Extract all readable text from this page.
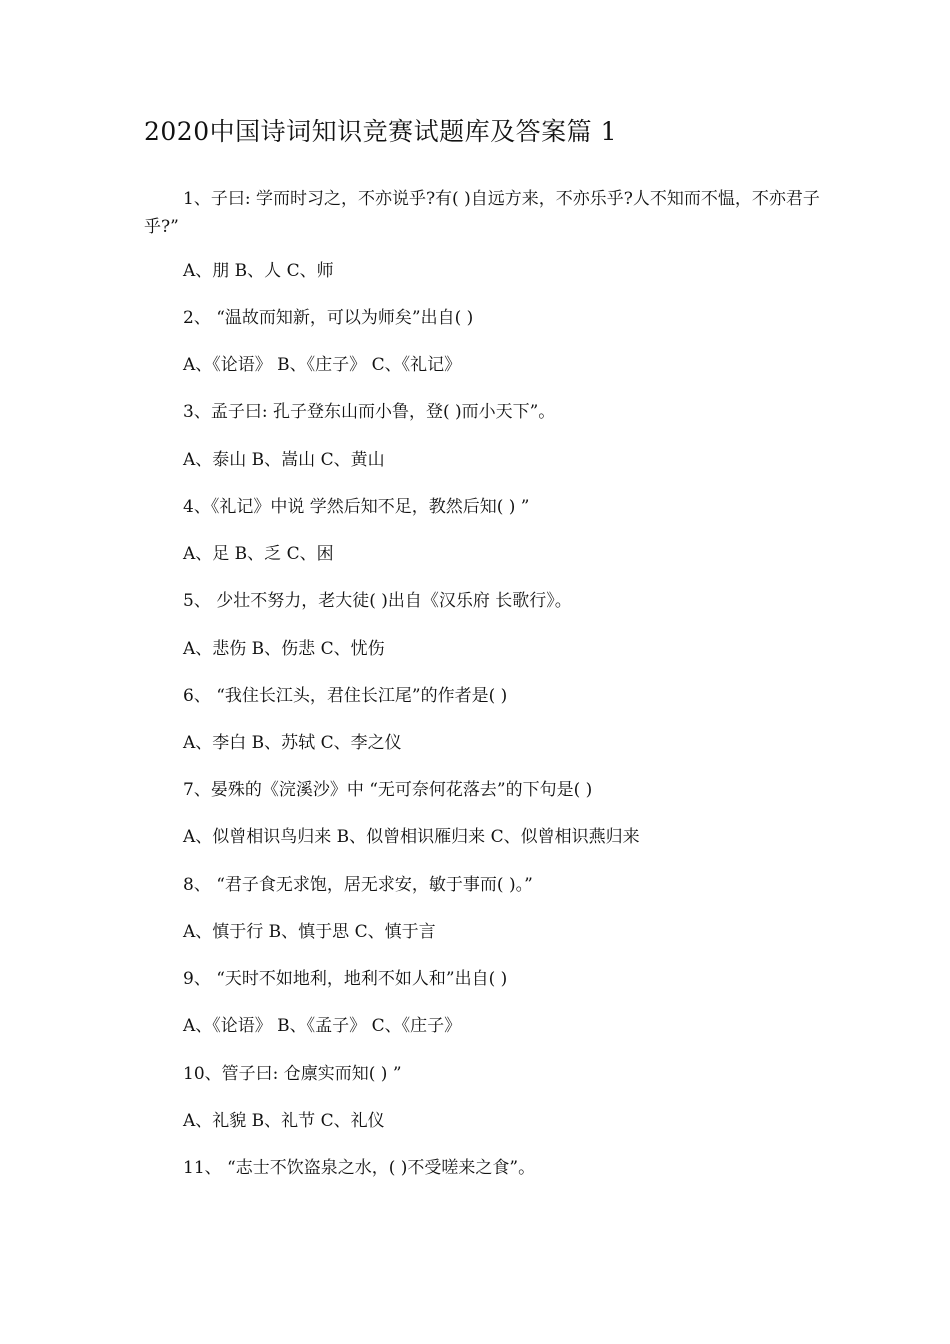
2020中国诗词知识竞赛试题库及答案篇 1
1、子曰: 学而时习之，不亦说乎?有( )自远方来，不亦乐乎?人不知而不愠，不亦君子乎?”
A、朋 B、人 C、师
2、 “温故而知新，可以为师矣”出自( )
A、《论语》 B、《庄子》 C、《礼记》
3、孟子曰: 孔子登东山而小鲁，登( )而小天下”。
A、泰山 B、嵩山 C、黄山
4、《礼记》中说 学然后知不足，教然后知( ) ”
A、足 B、乏 C、困
5、 少壮不努力，老大徒( )出自《汉乐府 长歌行》。
A、悲伤 B、伤悲 C、忧伤
6、 “我住长江头，君住长江尾”的作者是( )
A、李白 B、苏轼 C、李之仪
7、晏殊的《浣溪沙》中 “无可奈何花落去”的下句是( )
A、似曾相识鸟归来 B、似曾相识雁归来 C、似曾相识燕归来
8、 “君子食无求饱，居无求安，敏于事而( )。”
A、慎于行 B、慎于思 C、慎于言
9、 “天时不如地利，地利不如人和”出自( )
A、《论语》 B、《孟子》 C、《庄子》
10、管子曰: 仓廪实而知( ) ”
A、礼貌 B、礼节 C、礼仪
11、 “志士不饮盗泉之水，( )不受嗟来之食”。
